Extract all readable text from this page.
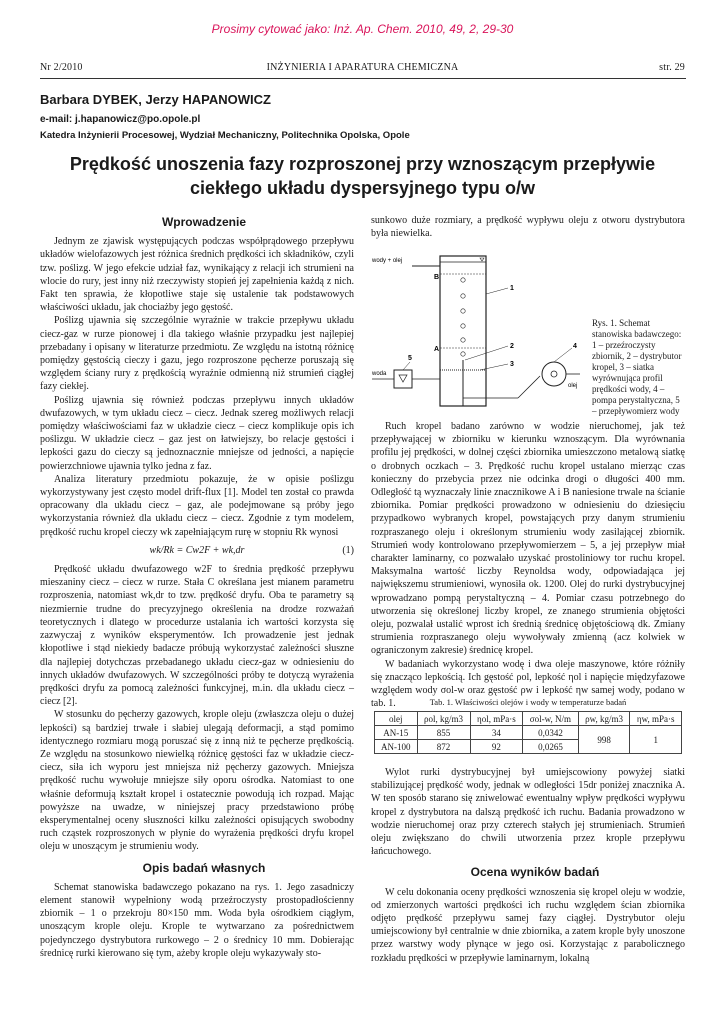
Prosimy cytować jako: Inż. Ap. Chem. 2010, 49, 2, 29-30
Nr 2/2010	INŻYNIERIA I APARATURA CHEMICZNA	str. 29
Barbara DYBEK, Jerzy HAPANOWICZ
e-mail: j.hapanowicz@po.opole.pl
Katedra Inżynierii Procesowej, Wydział Mechaniczny, Politechnika Opolska, Opole
Prędkość unoszenia fazy rozproszonej przy wznoszącym przepływie ciekłego układu dyspersyjnego typu o/w

Wprowadzenie

Jednym ze zjawisk występujących podczas współprądowego przepływu układów wielofazowych jest różnica średnich prędkości ich składników, czyli tzw. poślizg. W jego efekcie udział faz, wynikający z relacji ich strumieni na wlocie do rury, jest inny niż rzeczywisty stopień jej zapełnienia każdą z nich. Fakt ten sprawia, że kłopotliwe staje się ustalenie tak podstawowych właściwości układu, jak chociażby jego gęstość.

Poślizg ujawnia się szczególnie wyraźnie w trakcie przepływu układu ciecz-gaz w rurze pionowej i dla takiego właśnie przypadku jest najlepiej przebadany i opisany w literaturze przedmiotu. Ze względu na istotną różnicę pomiędzy gęstością cieczy i gazu, jego rozproszone pęcherze poruszają się względem ściany rury z prędkością wyraźnie odmienną niż strumień ciągłej fazy ciekłej.

Poślizg ujawnia się również podczas przepływu innych układów dwufazowych, w tym układu ciecz – ciecz. Jednak szereg możliwych relacji pomiędzy właściwościami faz w układzie ciecz – ciecz komplikuje opis ich poślizgu. W układzie ciecz – gaz jest on łatwiejszy, bo relacje gęstości i lepkości gazu do cieczy są jednoznacznie mniejsze od jedności, a napięcie powierzchniowe ujawnia tylko jedna z faz.

Analiza literatury przedmiotu pokazuje, że w opisie poślizgu wykorzystywany jest często model drift-flux [1]. Model ten został co prawda opracowany dla układu ciecz – gaz, ale podejmowane są próby jego wykorzystania również dla układu ciecz – ciecz. Zgodnie z tym modelem, prędkość ruchu kropel cieczy wk zapełniającym rurę w stopniu Rk wynosi

wk/Rk = Cw2F + wk,dr	(1)

Prędkość układu dwufazowego w2F to średnia prędkość przepływu mieszaniny ciecz – ciecz w rurze. Stała C określana jest mianem parametru rozproszenia, natomiast wk,dr to tzw. prędkość dryfu. Oba te parametry są niezmiernie trudne do precyzyjnego określenia na drodze rozważań teoretycznych i dlatego w procedurze ustalania ich wartości korzysta się zazwyczaj z wyników eksperymentów. Ich prowadzenie jest jednak kłopotliwe i stąd niekiedy badacze próbują wykorzystać zależności słuszne dla najlepiej dotychczas przebadanego układu ciecz-gaz w odniesieniu do innych układów dwufazowych. W szczególności próby te dotyczą wyrażenia prędkości dryfu za pomocą zależności funkcyjnej, m.in. dla układu ciecz – ciecz [2].

W stosunku do pęcherzy gazowych, krople oleju (zwłaszcza oleju o dużej lepkości) są bardziej trwałe i słabiej ulegają deformacji, a stąd pomimo identycznego rozmiaru mogą poruszać się z inną niż te pęcherze prędkością. Ze względu na stosunkowo niewielką różnicę gęstości faz w układzie ciecz-ciecz, siła ich wyporu jest mniejsza niż pęcherzy gazowych. Mniejsza prędkość ruchu wywołuje mniejsze siły oporu ośrodka. Natomiast to one właśnie deformują kształt kropel i ostatecznie powodują ich rozpad. Mając powyższe na uwadze, w niniejszej pracy przedstawiono próbę eksperymentalnej oceny słuszności kilku zależności opisujących swobodny ruch cząstek rozproszonych w płynie do wyrażenia prędkości dryfu kropel oleju w unoszącym je strumieniu wody.

Opis badań własnych

Schemat stanowiska badawczego pokazano na rys. 1. Jego zasadniczy element stanowił wypełniony wodą przeźroczysty prostopadłościenny zbiornik – 1 o przekroju 80×150 mm. Woda była ośrodkiem ciągłym, unoszącym krople oleju. Krople te wytwarzano za pośrednictwem pojedynczego dystrybutora rurkowego – 2 o średnicy 10 mm. Dobierając średnicę rurki kierowano się tym, ażeby krople oleju wykazywały sto-

sunkowo duże rozmiary, a prędkość wypływu oleju z otworu dystrybutora była niewielka.

wody + olej
B
A
1
2
3
olej
4
woda
5
Rys. 1. Schemat stanowiska badawczego: 1 – przeźroczysty zbiornik, 2 – dystrybutor kropel, 3 – siatka wyrównująca profil prędkości wody, 4 – pompa perystaltyczna, 5 – przepływomierz wody

Ruch kropel badano zarówno w wodzie nieruchomej, jak też przepływającej w zbiorniku w kierunku wznoszącym. Dla wyrównania profilu jej prędkości, w dolnej części zbiornika umieszczono metalową siatkę o drobnych oczkach – 3. Prędkość ruchu kropel ustalano mierząc czas konieczny do przebycia przez nie odcinka drogi o długości 400 mm. Odległość tą wyznaczały linie znacznikowe A i B naniesione trwale na ścianie zbiornika. Pomiar prędkości prowadzono w odniesieniu do dziesięciu przypadkowo wybranych kropel, powstających przy danym strumieniu rozpraszanego oleju i określonym strumieniu wody zasilającej zbiornik. Strumień wody kontrolowano przepływomierzem – 5, a jej przepływ miał charakter laminarny, co pozwalało uzyskać prostoliniowy tor ruchu kropel. Maksymalna wartość liczby Reynoldsa wody, odpowiadająca jej największemu strumieniowi, wynosiła ok. 1200. Olej do rurki dystrybucyjnej wprowadzano pompą perystaltyczną – 4. Pomiar czasu potrzebnego do utworzenia się określonej liczby kropel, ze znanego strumienia objętości oleju, pozwalał ustalić wprost ich średnią średnicę objętościową dk. Zmiany strumienia rozpraszanego oleju wywoływały zmienną (acz kolwiek w ograniczonym zakresie) średnicę kropel.

W badaniach wykorzystano wodę i dwa oleje maszynowe, które różniły się znacząco lepkością. Ich gęstość ρol, lepkość ηol i napięcie międzyfazowe względem wody σol-w oraz gęstość ρw i lepkość ηw samej wody, podano w tab. 1.	Tab. 1. Właściwości olejów i wody w temperaturze badań
olej	ρol, kg/m3	ηol, mPa·s	σol-w, N/m	ρw, kg/m3	ηw, mPa·s
AN-15	855	34	0,0342	998	1
AN-100	872	92	0,0265		

Wylot rurki dystrybucyjnej był umiejscowiony powyżej siatki stabilizującej prędkość wody, jednak w odległości 15dr poniżej znacznika A. W ten sposób starano się zniwelować ewentualny wpływ prędkości wypływu kropel z dystrybutora na dalszą prędkość ich ruchu. Badania prowadzono w wodzie nieruchomej oraz przy czterech stałych jej strumieniach. Strumień oleju zwiększano do chwili utworzenia przez krople przepływu łańcuchowego.

Ocena wyników badań

W celu dokonania oceny prędkości wznoszenia się kropel oleju w wodzie, od zmierzonych wartości prędkości ich ruchu względem ścian zbiornika odjęto prędkość przepływu samej fazy ciągłej. Dystrybutor oleju umiejscowiony był centralnie w dnie zbiornika, a zatem krople były unoszone przez warstwy wody płynące w jego osi. Korzystając z parabolicznego rozkładu prędkości w przepływie laminarnym, lokalną
